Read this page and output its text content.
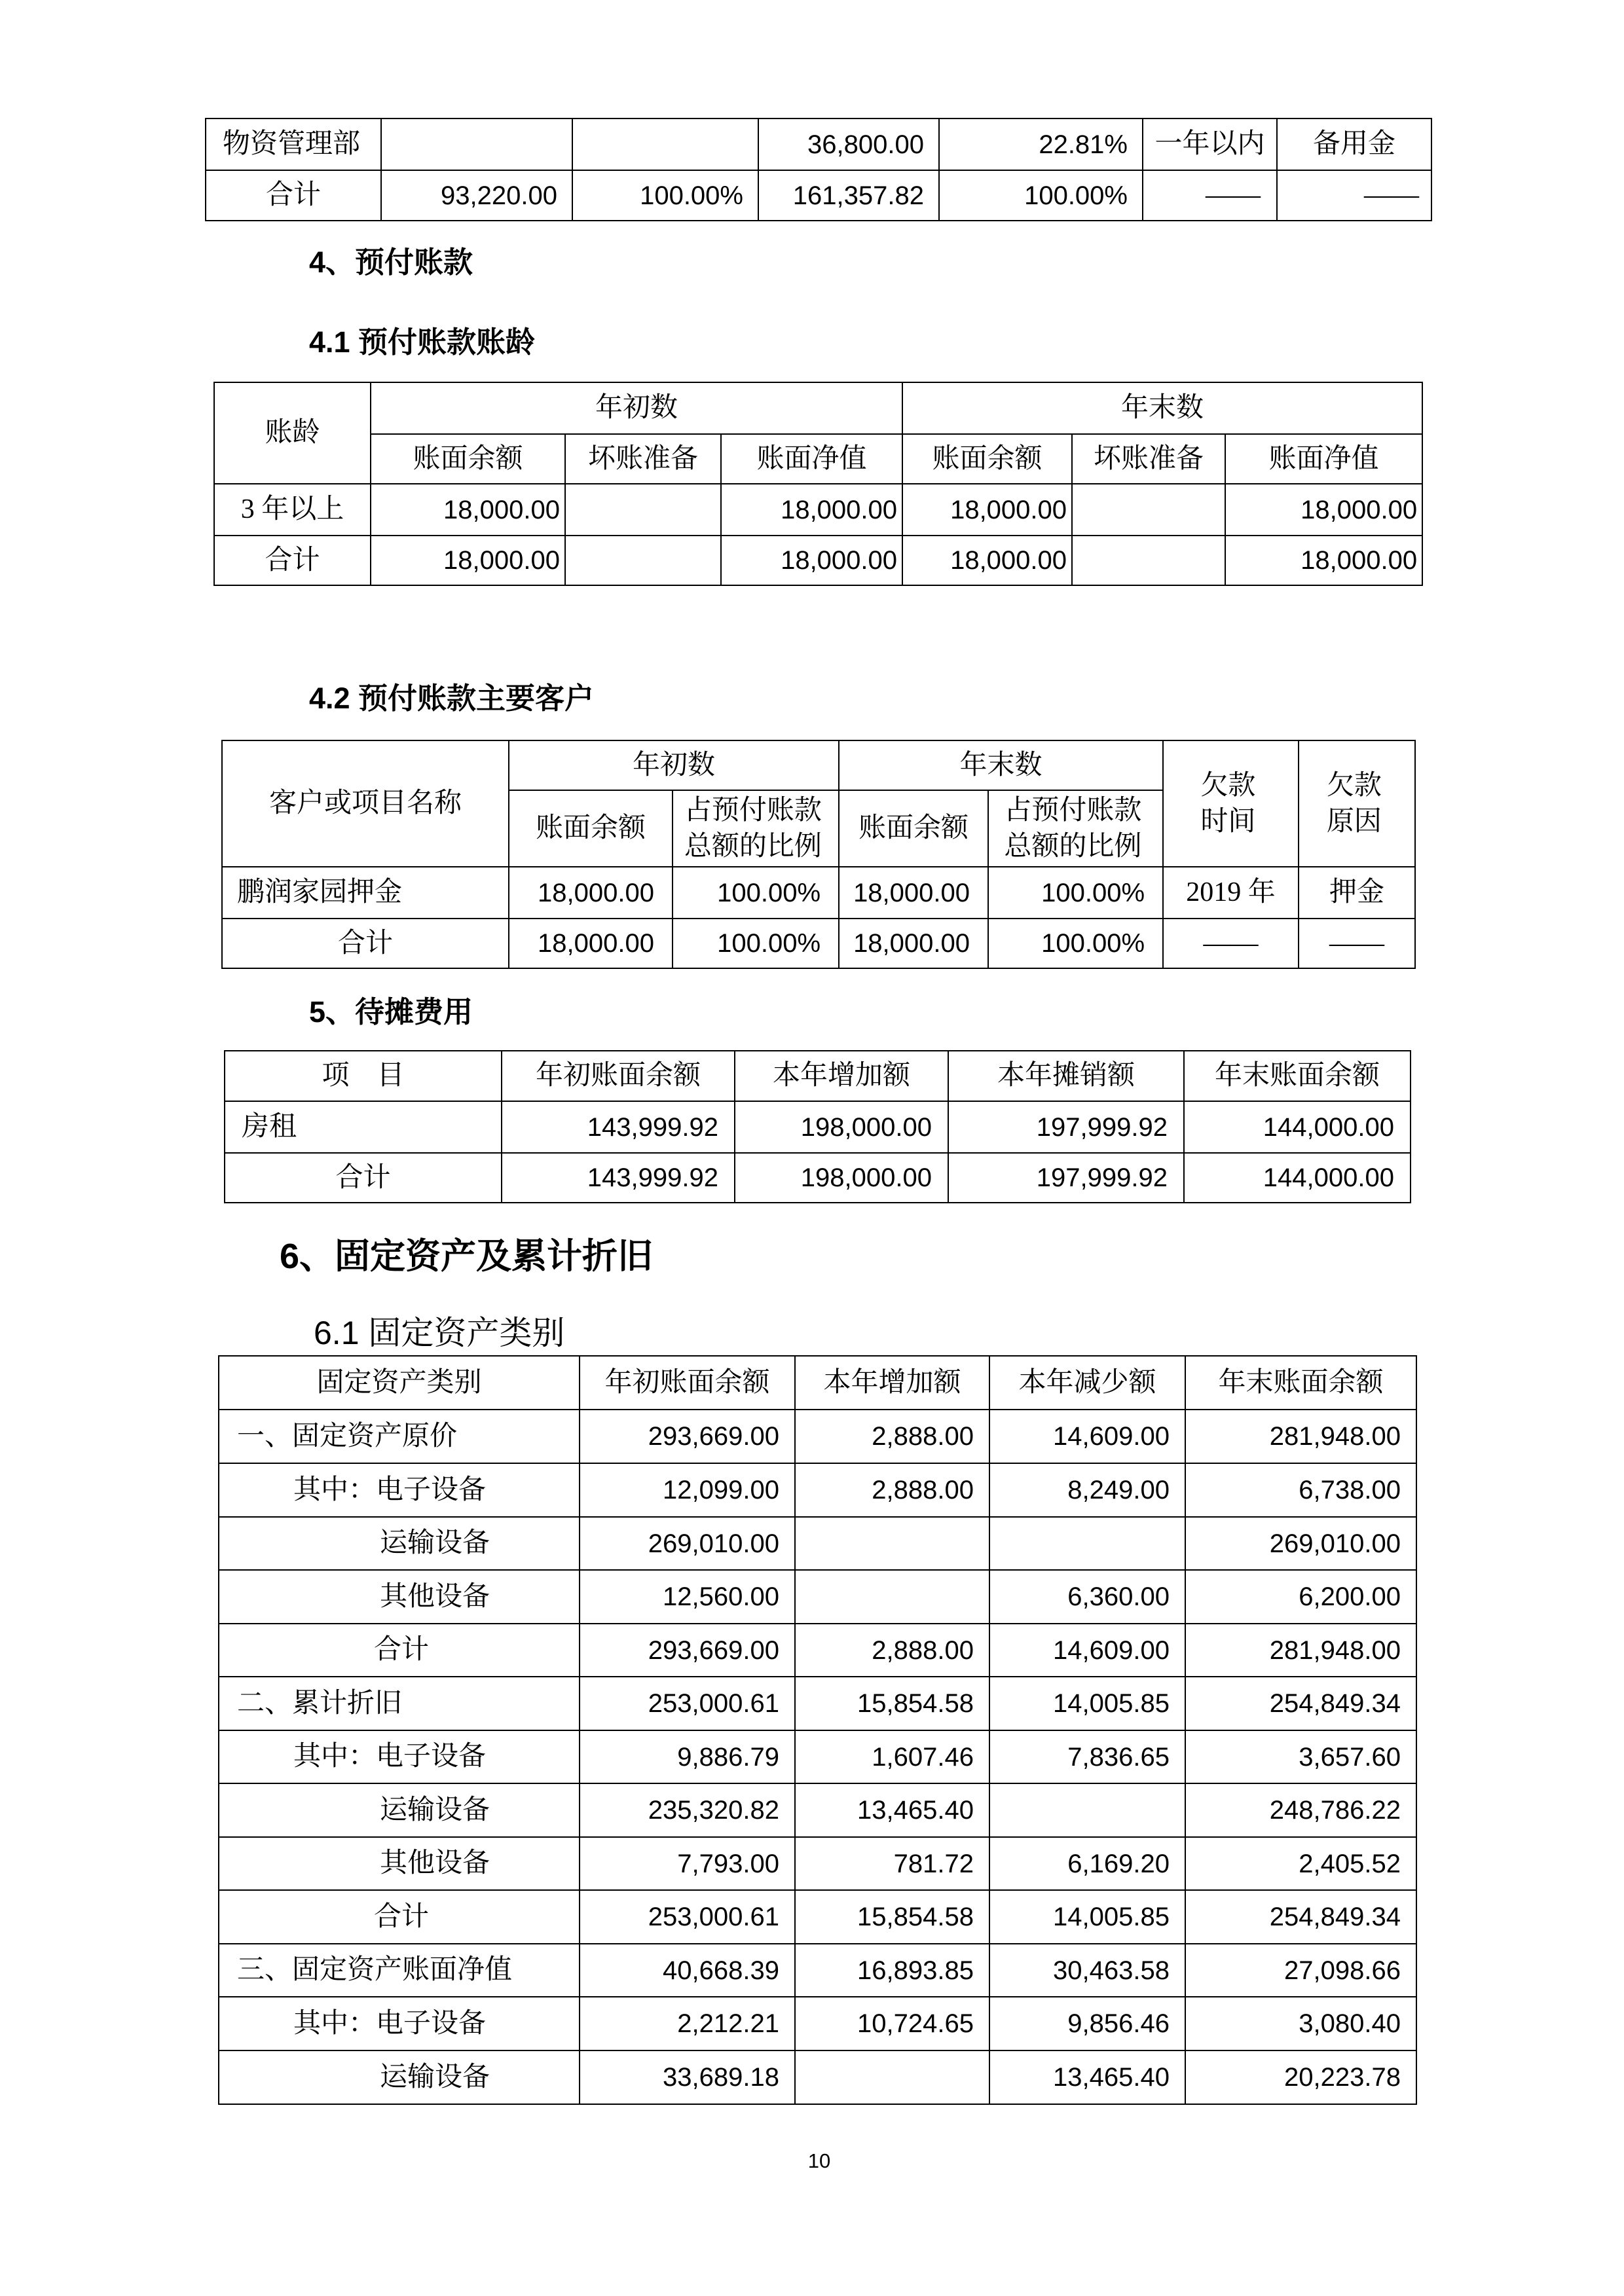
物资管理部			36,800.00	22.81%	一年以内	备用金
合计	93,220.00	100.00%	161,357.82	100.00%	——	——
4、预付账款
4.1 预付账款账龄
账龄	年初数			年末数		
	账面余额	坏账准备	账面净值	账面余额	坏账准备	账面净值
3 年以上	18,000.00		18,000.00	18,000.00		18,000.00
合计	18,000.00		18,000.00	18,000.00		18,000.00
4.2 预付账款主要客户
客户或项目名称	年初数		年末数		欠款时间	欠款原因
	账面余额	占预付账款总额的比例	账面余额	占预付账款总额的比例		
鹏润家园押金	18,000.00	100.00%	18,000.00	100.00%	2019 年	押金
合计	18,000.00	100.00%	18,000.00	100.00%	——	——
5、待摊费用
项　目	年初账面余额	本年增加额	本年摊销额	年末账面余额
房租	143,999.92	198,000.00	197,999.92	144,000.00
合计	143,999.92	198,000.00	197,999.92	144,000.00
6、固定资产及累计折旧
6.1 固定资产类别
固定资产类别	年初账面余额	本年增加额	本年减少额	年末账面余额
一、固定资产原价	293,669.00	2,888.00	14,609.00	281,948.00
其中：电子设备	12,099.00	2,888.00	8,249.00	6,738.00
运输设备	269,010.00			269,010.00
其他设备	12,560.00		6,360.00	6,200.00
合计	293,669.00	2,888.00	14,609.00	281,948.00
二、累计折旧	253,000.61	15,854.58	14,005.85	254,849.34
其中：电子设备	9,886.79	1,607.46	7,836.65	3,657.60
运输设备	235,320.82	13,465.40		248,786.22
其他设备	7,793.00	781.72	6,169.20	2,405.52
合计	253,000.61	15,854.58	14,005.85	254,849.34
三、固定资产账面净值	40,668.39	16,893.85	30,463.58	27,098.66
其中：电子设备	2,212.21	10,724.65	9,856.46	3,080.40
运输设备	33,689.18		13,465.40	20,223.78
10
